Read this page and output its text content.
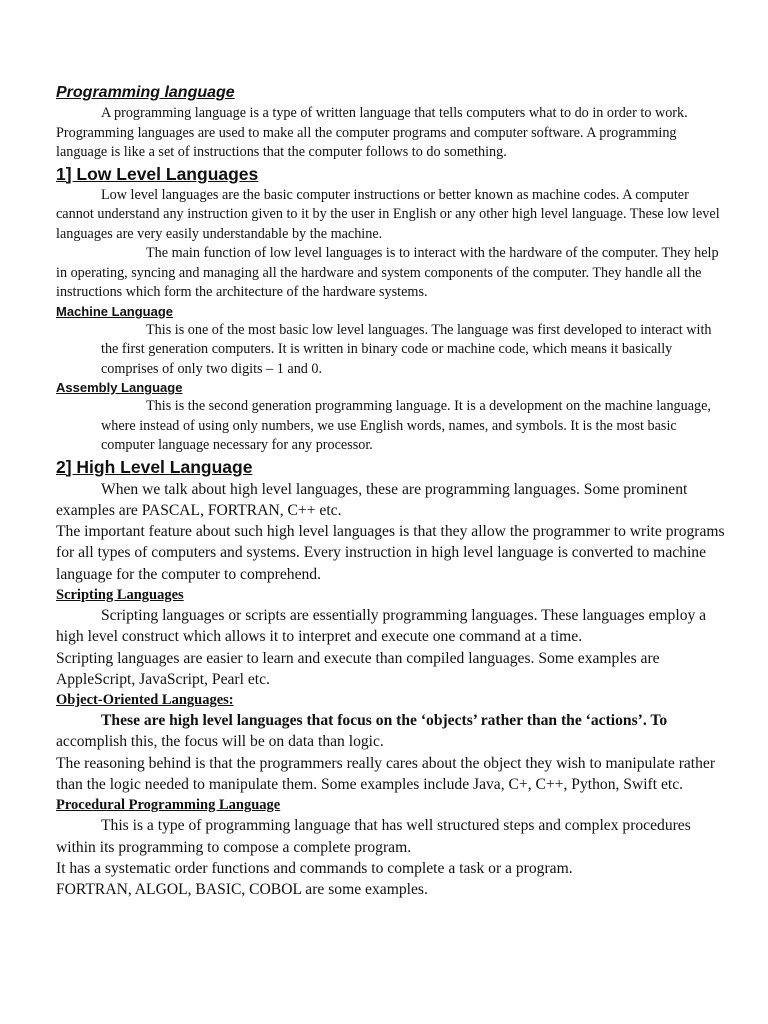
Programming language

A programming language is a type of written language that tells computers what to do in order to work. Programming languages are used to make all the computer programs and computer software. A programming language is like a set of instructions that the computer follows to do something.

1] Low Level Languages

Low level languages are the basic computer instructions or better known as machine codes. A computer cannot understand any instruction given to it by the user in English or any other high level language. These low level languages are very easily understandable by the machine.

The main function of low level languages is to interact with the hardware of the computer. They help in operating, syncing and managing all the hardware and system components of the computer. They handle all the instructions which form the architecture of the hardware systems.

Machine Language

This is one of the most basic low level languages. The language was first developed to interact with the first generation computers. It is written in binary code or machine code, which means it basically comprises of only two digits – 1 and 0.

Assembly Language

This is the second generation programming language. It is a development on the machine language, where instead of using only numbers, we use English words, names, and symbols. It is the most basic computer language necessary for any processor.

2] High Level Language

When we talk about high level languages, these are programming languages. Some prominent examples are PASCAL, FORTRAN, C++ etc.

The important feature about such high level languages is that they allow the programmer to write programs for all types of computers and systems. Every instruction in high level language is converted to machine language for the computer to comprehend.

Scripting Languages

Scripting languages or scripts are essentially programming languages. These languages employ a high level construct which allows it to interpret and execute one command at a time.

Scripting languages are easier to learn and execute than compiled languages. Some examples are AppleScript, JavaScript, Pearl etc.

Object-Oriented Languages:

These are high level languages that focus on the ‘objects’ rather than the ‘actions’. To accomplish this, the focus will be on data than logic.

The reasoning behind is that the programmers really cares about the object they wish to manipulate rather than the logic needed to manipulate them. Some examples include Java, C+, C++, Python, Swift etc.

Procedural Programming Language

This is a type of programming language that has well structured steps and complex procedures within its programming to compose a complete program.

It has a systematic order functions and commands to complete a task or a program.

FORTRAN, ALGOL, BASIC, COBOL are some examples.
